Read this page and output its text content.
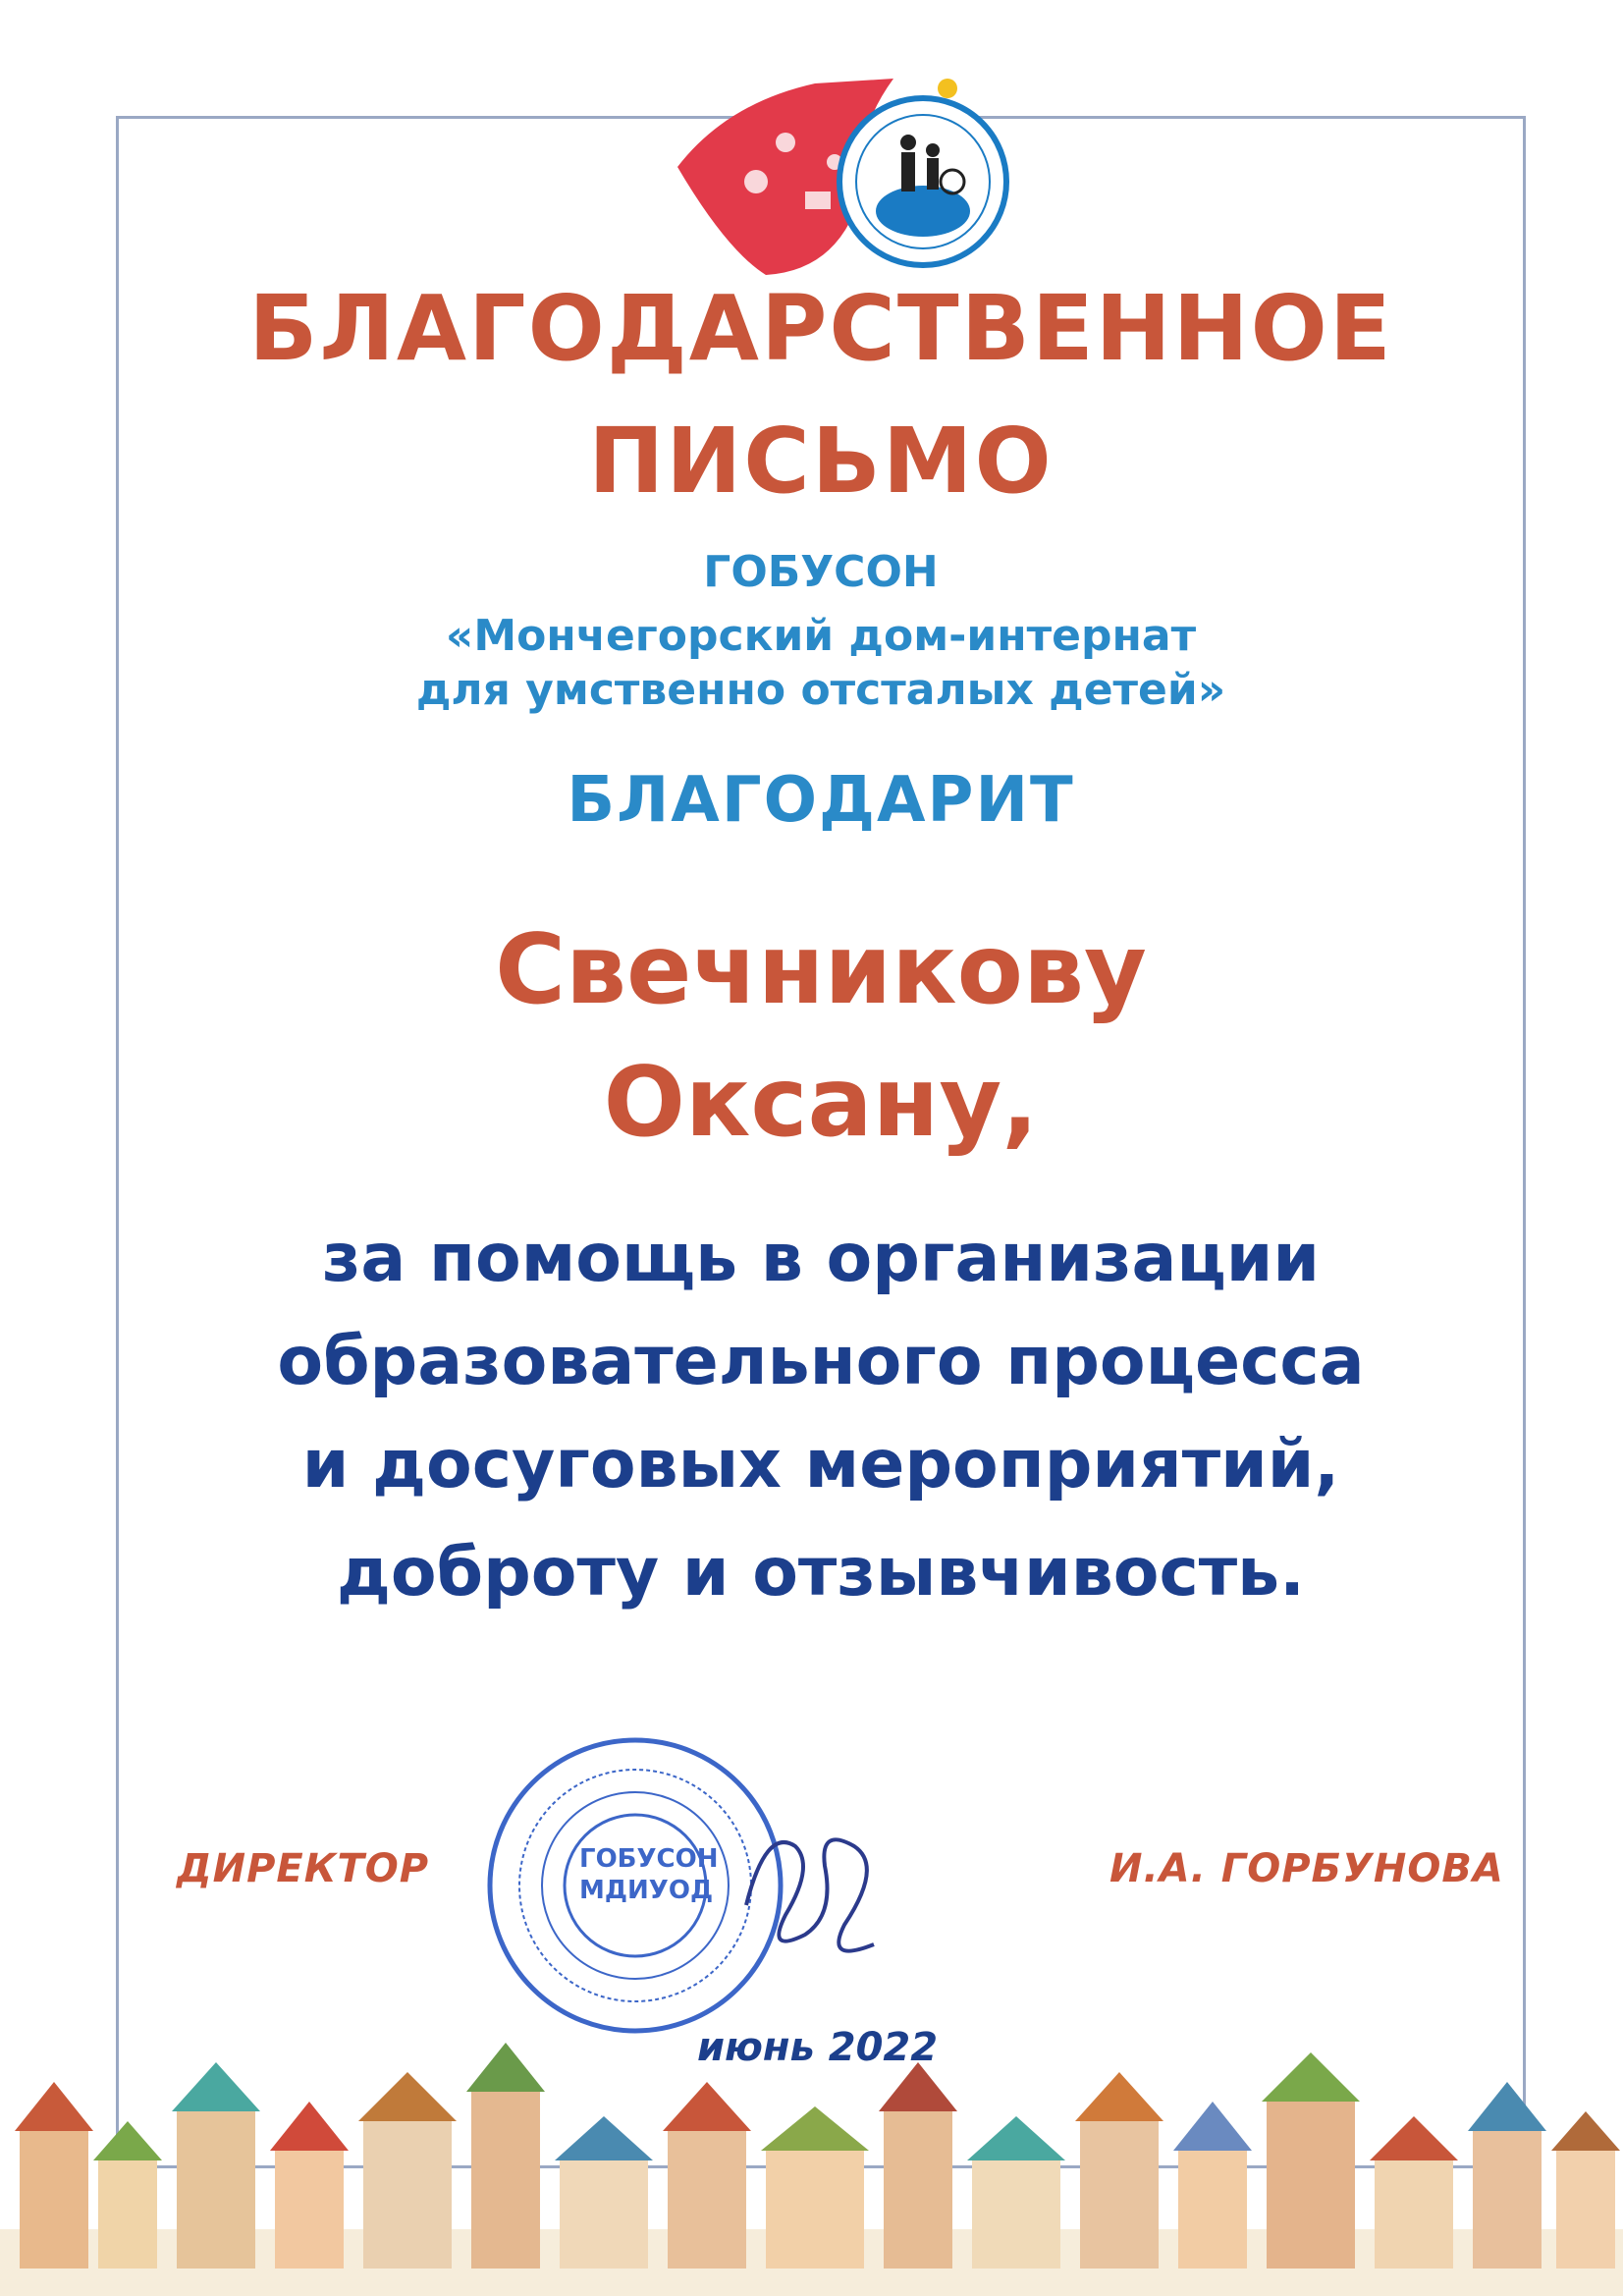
БЛАГОДАРСТВЕННОЕ
ПИСЬМО
ГОБУСОН
«Мончегорский дом-интернат
для умственно отсталых детей»
БЛАГОДАРИТ
Свечникову
Оксану,
за помощь в организации
образовательного процесса
и досуговых мероприятий,
доброту и отзывчивость.
ГОБУСОН
МДИУОД
ДИРЕКТОР	И.А. ГОРБУНОВА
июнь 2022
